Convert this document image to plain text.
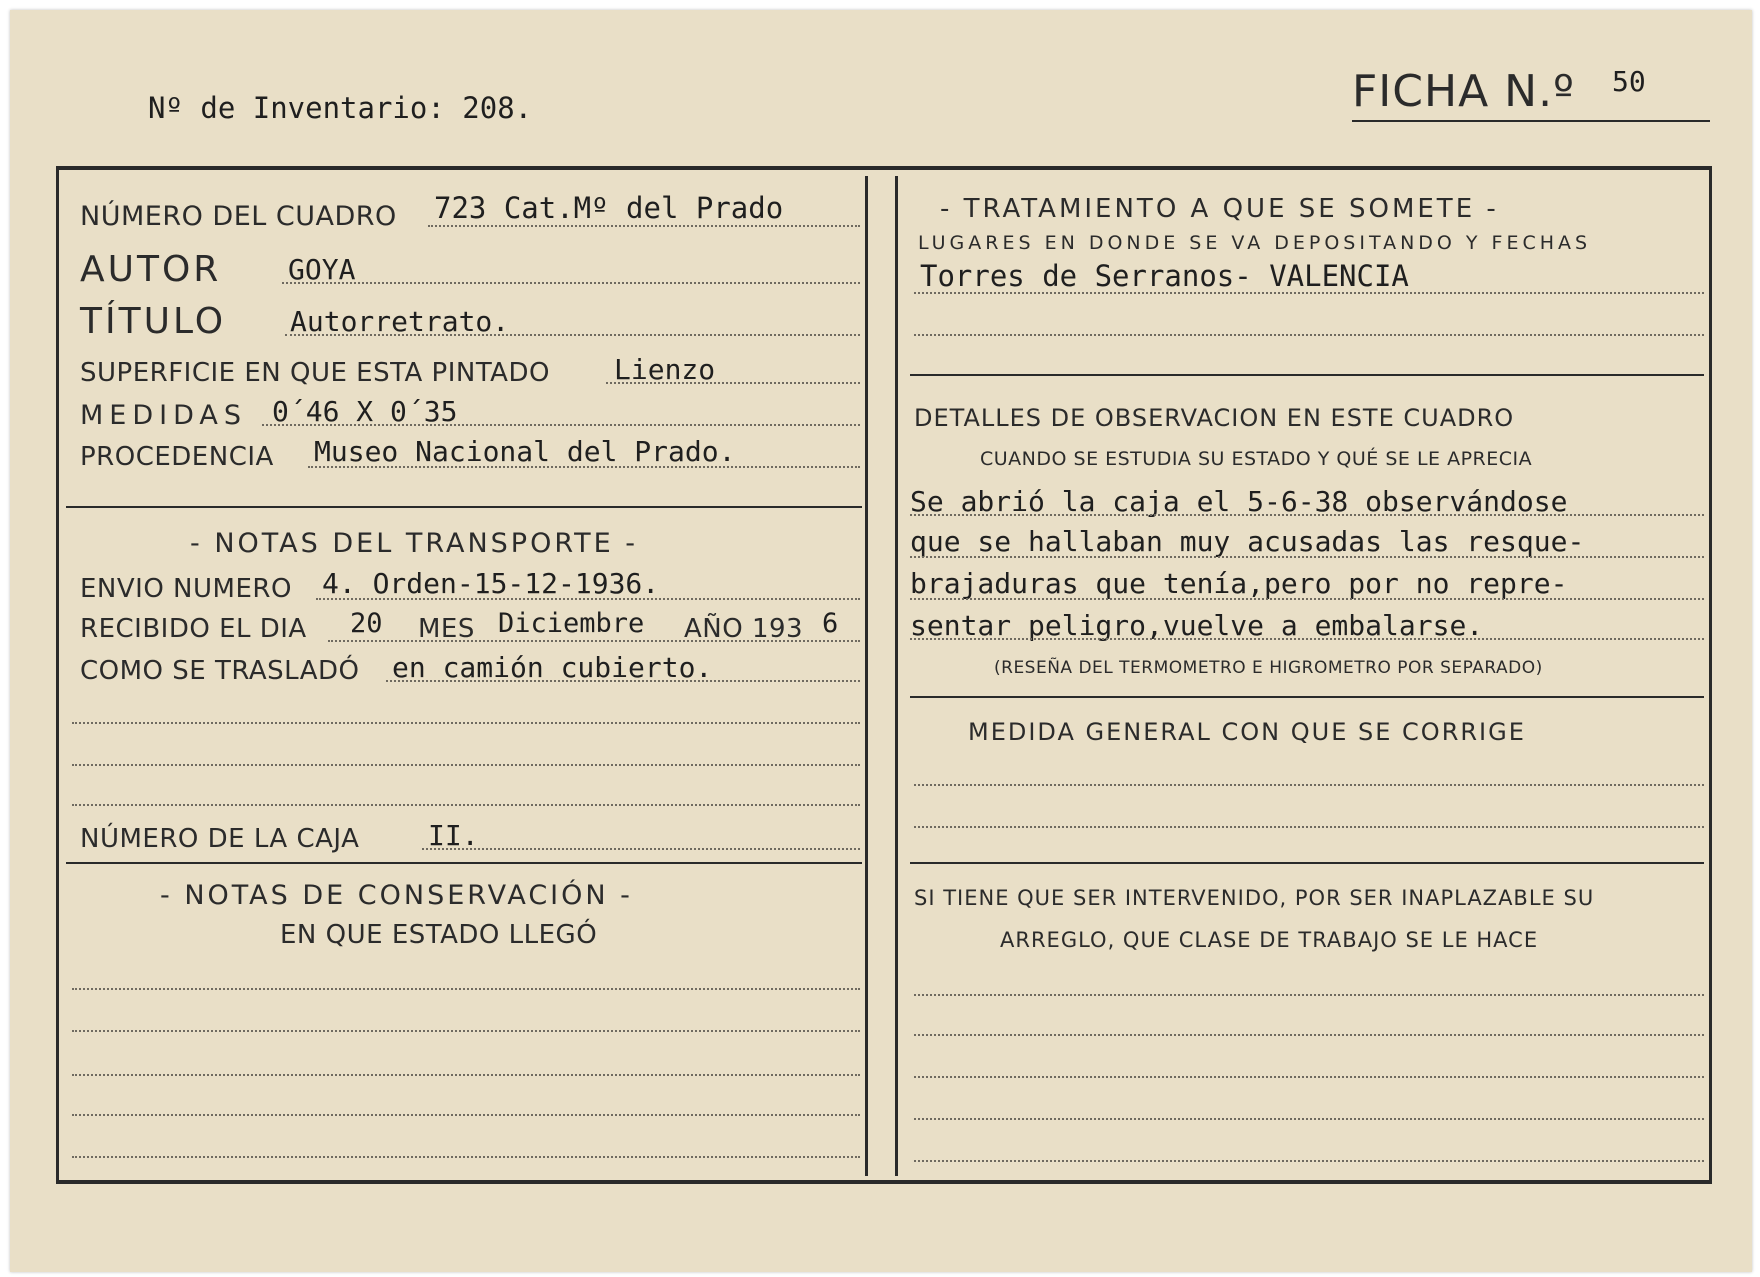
Nº de Inventario: 208.	FICHA N.º 50
NÚMERO DEL CUADRO 723 Cat.Mº del Prado
AUTOR GOYA
TÍTULO Autorretrato.
SUPERFICIE EN QUE ESTA PINTADO Lienzo
MEDIDAS 0´46 X 0´35
PROCEDENCIA Museo Nacional del Prado.
- NOTAS DEL TRANSPORTE -
ENVIO NUMERO 4. Orden-15-12-1936.
RECIBIDO EL DIA 20 MES Diciembre AÑO 193 6
COMO SE TRASLADÓ en camión cubierto.
NÚMERO DE LA CAJA II.
- NOTAS DE CONSERVACIÓN -
EN QUE ESTADO LLEGÓ
- TRATAMIENTO A QUE SE SOMETE -
LUGARES EN DONDE SE VA DEPOSITANDO Y FECHAS
Torres de Serranos- VALENCIA
DETALLES DE OBSERVACION EN ESTE CUADRO
CUANDO SE ESTUDIA SU ESTADO Y QUÉ SE LE APRECIA
Se abrió la caja el 5-6-38 observándose
que se hallaban muy acusadas las resque-
brajaduras que tenía,pero por no repre-
sentar peligro,vuelve a embalarse.
(RESEÑA DEL TERMOMETRO E HIGROMETRO POR SEPARADO)
MEDIDA GENERAL CON QUE SE CORRIGE
SI TIENE QUE SER INTERVENIDO, POR SER INAPLAZABLE SU
ARREGLO, QUE CLASE DE TRABAJO SE LE HACE
